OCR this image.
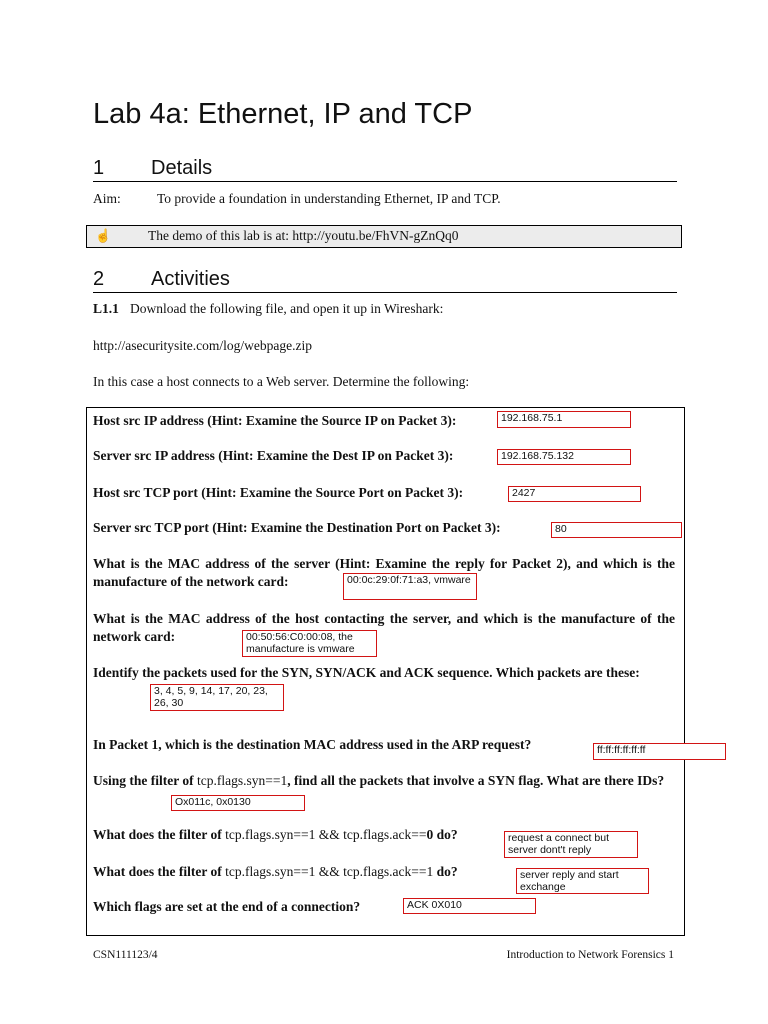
Lab 4a: Ethernet, IP and TCP
1 Details
Aim:	To provide a foundation in understanding Ethernet, IP and TCP.
☝	The demo of this lab is at: http://youtu.be/FhVN-gZnQq0
2 Activities
L1.1 Download the following file, and open it up in Wireshark:
http://asecuritysite.com/log/webpage.zip
In this case a host connects to a Web server. Determine the following:
Host src IP address (Hint: Examine the Source IP on Packet 3):	192.168.75.1
Server src IP address (Hint: Examine the Dest IP on Packet 3):	192.168.75.132
Host src TCP port (Hint: Examine the Source Port on Packet 3):	2427
Server src TCP port (Hint: Examine the Destination Port on Packet 3):	80
What is the MAC address of the server (Hint: Examine the reply for Packet 2), and which is the manufacture of the network card:	00:0c:29:0f:71:a3, vmware
What is the MAC address of the host contacting the server, and which is the manufacture of the network card:	00:50:56:C0:00:08, the manufacture is vmware
Identify the packets used for the SYN, SYN/ACK and ACK sequence. Which packets are these:
3, 4, 5, 9, 14, 17, 20, 23, 26, 30
In Packet 1, which is the destination MAC address used in the ARP request?	ff:ff:ff:ff:ff:ff
Using the filter of tcp.flags.syn==1, find all the packets that involve a SYN flag. What are there IDs?
Ox011c, 0x0130
What does the filter of tcp.flags.syn==1 && tcp.flags.ack==0 do?	request a connect but server dont't reply
What does the filter of tcp.flags.syn==1 && tcp.flags.ack==1 do?	server reply and start exchange
Which flags are set at the end of a connection?	ACK 0X010
CSN111123/4	Introduction to Network Forensics 1
